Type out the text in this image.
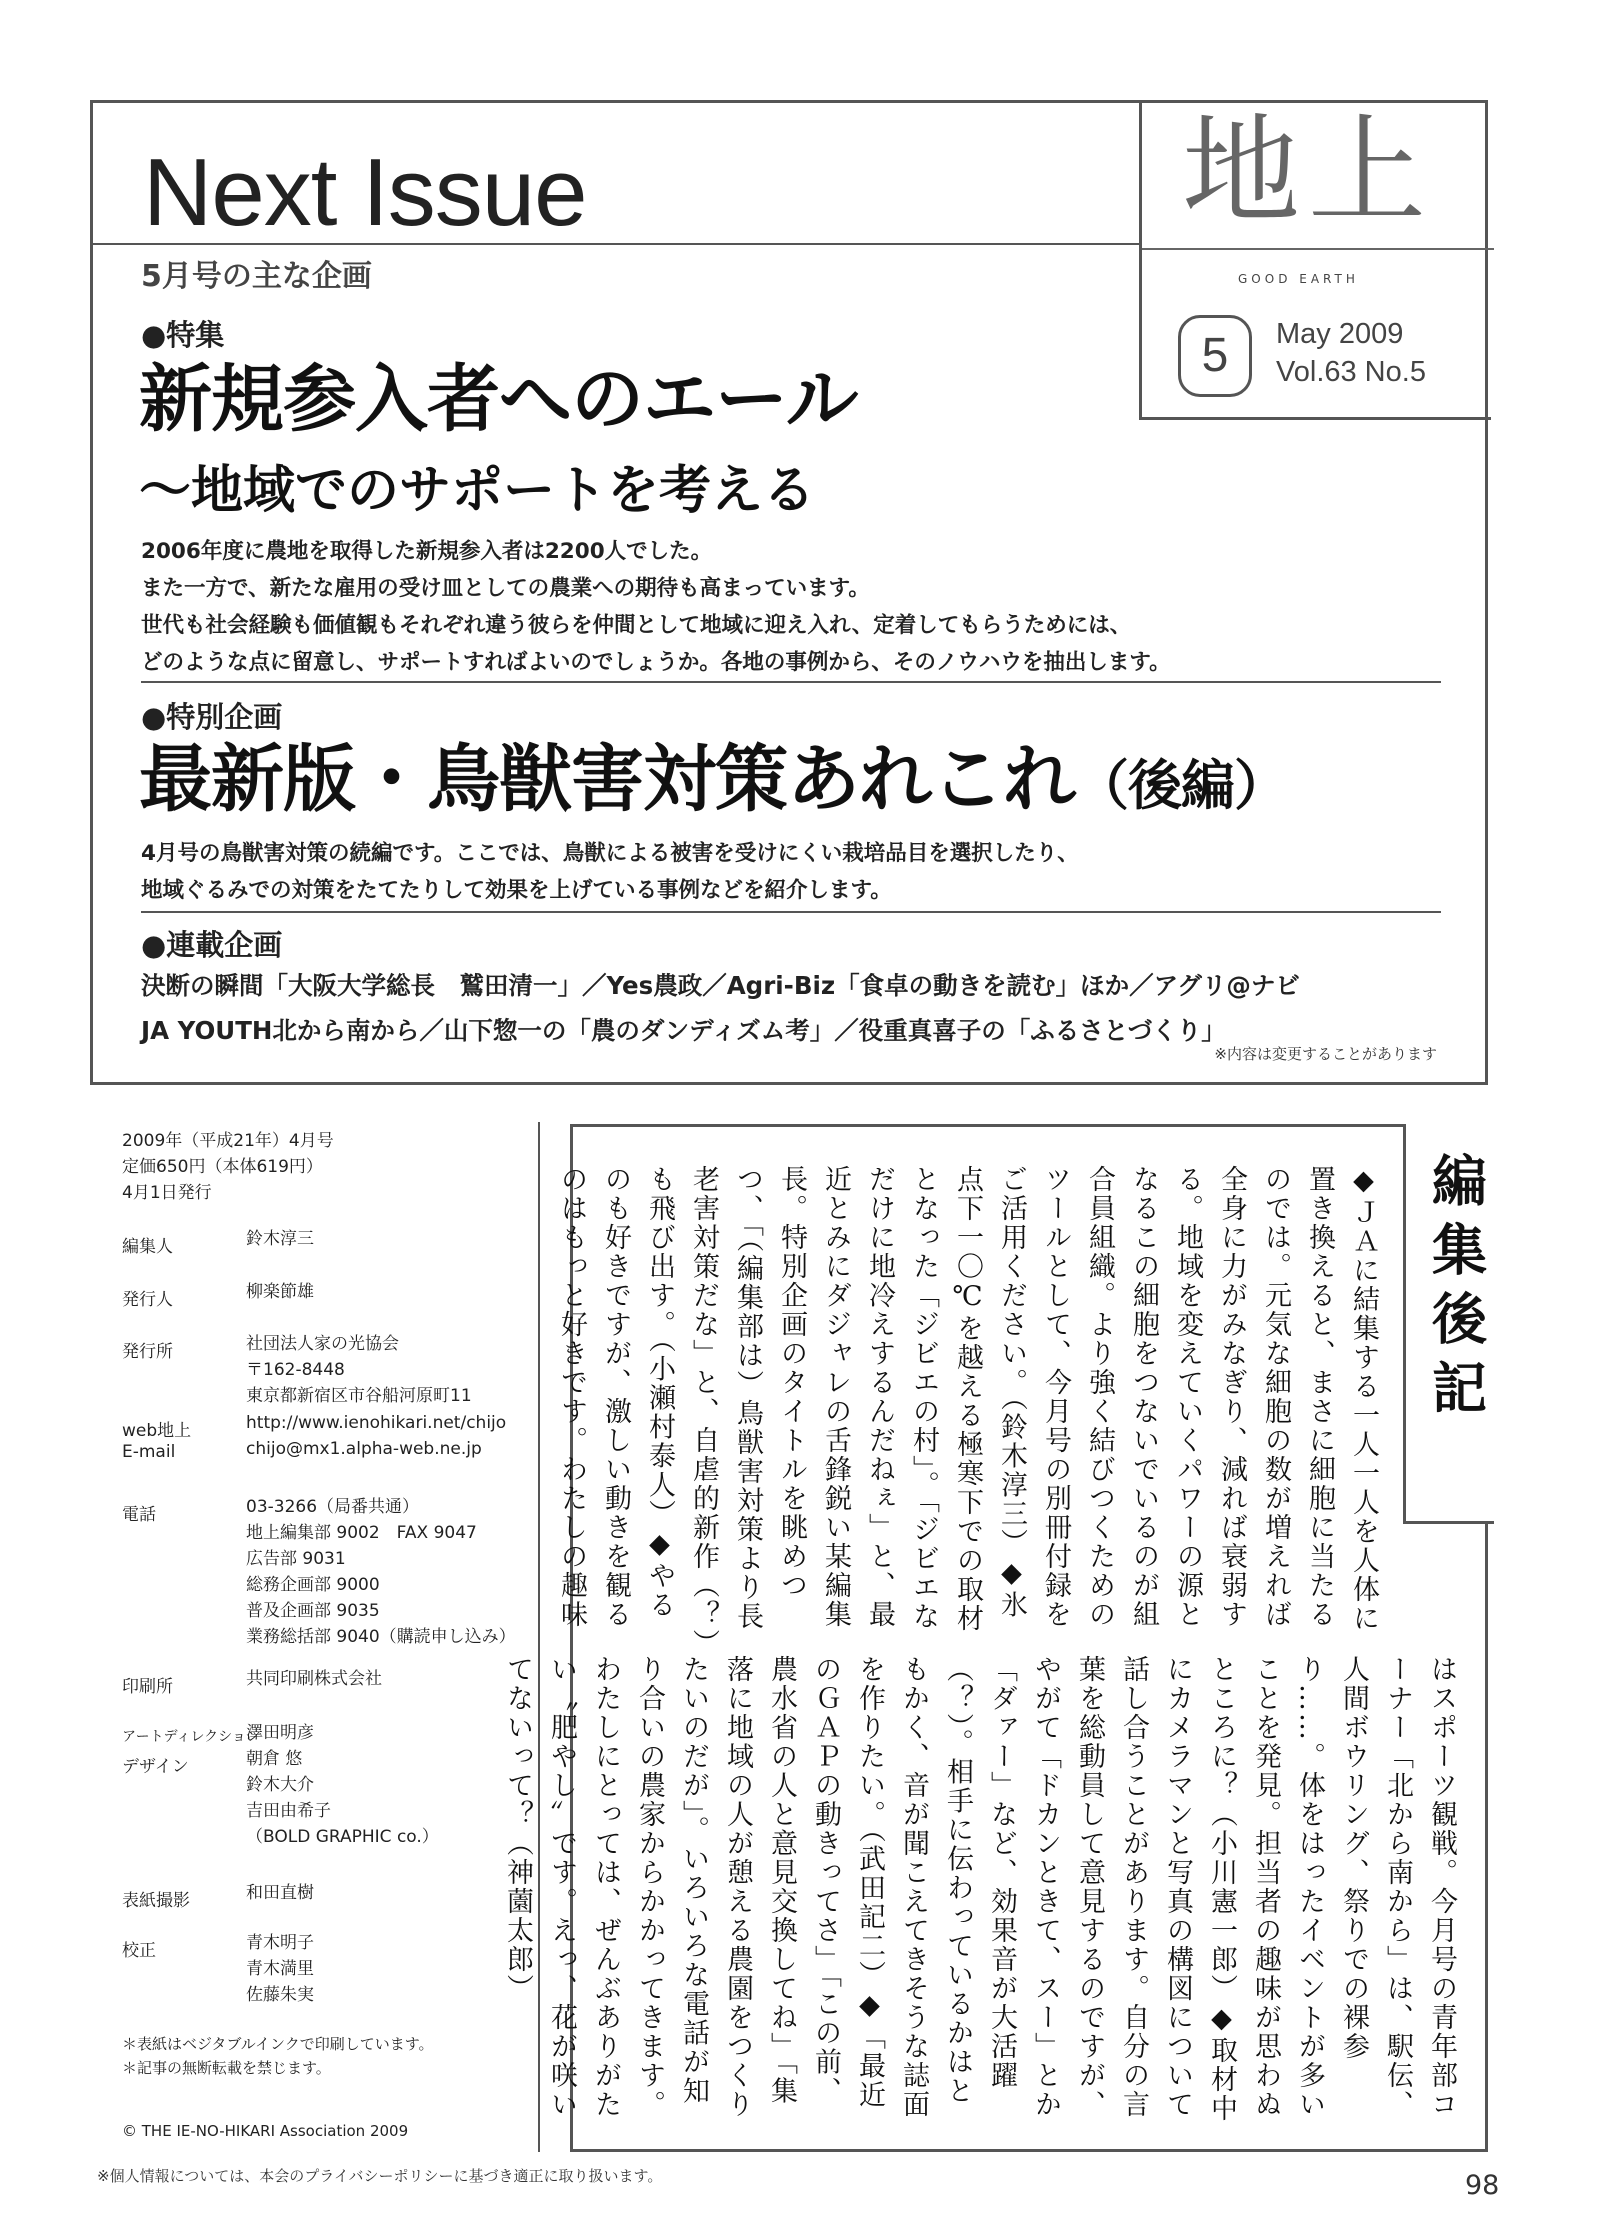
Next Issue
5月号の主な企画
地上
GOOD EARTH
5	May 2009
Vol.63 No.5
●特集
新規参入者へのエール
〜地域でのサポートを考える
2006年度に農地を取得した新規参入者は2200人でした。
また一方で、新たな雇用の受け皿としての農業への期待も高まっています。
世代も社会経験も価値観もそれぞれ違う彼らを仲間として地域に迎え入れ、定着してもらうためには、
どのような点に留意し、サポートすればよいのでしょうか。各地の事例から、そのノウハウを抽出します。
●特別企画
最新版・鳥獣害対策あれこれ（後編）
4月号の鳥獣害対策の続編です。ここでは、鳥獣による被害を受けにくい栽培品目を選択したり、
地域ぐるみでの対策をたてたりして効果を上げている事例などを紹介します。
●連載企画
決断の瞬間「大阪大学総長　鷲田清一」／Yes農政／Agri-Biz「食卓の動きを読む」ほか／アグリ@ナビ
JA YOUTH北から南から／山下惣一の「農のダンディズム考」／役重真喜子の「ふるさとづくり」
※内容は変更することがあります
2009年（平成21年）4月号
定価650円（本体619円）
4月1日発行
編集人	鈴木淳三
発行人	柳楽節雄
発行所	社団法人家の光協会
〒162-8448
東京都新宿区市谷船河原町11
web地上	http://www.ienohikari.net/chijo
E-mail	chijo@mx1.alpha-web.ne.jp
電話	03-3266（局番共通）
地上編集部 9002　FAX 9047
広告部 9031
総務企画部 9000
普及企画部 9035
業務総括部 9040（購読申し込み）
印刷所	共同印刷株式会社
アートディレクション
澤田明彦
デザイン	朝倉 悠
鈴木大介
吉田由希子
（BOLD GRAPHIC co.）
表紙撮影	和田直樹
校正	青木明子
青木満里
佐藤朱実
＊表紙はベジタブルインクで印刷しています。
＊記事の無断転載を禁じます。
© THE IE-NO-HIKARI Association 2009
編集後記

◆ＪＡに結集する一人一人を人体に置き換えると、まさに細胞に当たるのでは。元気な細胞の数が増えれば全身に力がみなぎり、減れば衰弱する。地域を変えていくパワーの源となるこの細胞をつないでいるのが組合員組織。より強く結びつくためのツールとして、今月号の別冊付録をご活用ください。（鈴木淳三）◆氷点下一〇℃を越える極寒下での取材となった「ジビエの村」。「ジビエなだけに地冷えするんだねぇ」と、最近とみにダジャレの舌鋒鋭い某編集長。特別企画のタイトルを眺めつつ、「（編集部は）鳥獣害対策より長老害対策だな」と、自虐的新作（？）も飛び出す。（小瀬村泰人）◆やるのも好きですが、激しい動きを観るのはもっと好きです。わたしの趣味

はスポーツ観戦。今月号の青年部コーナー「北から南から」は、駅伝、人間ボウリング、祭りでの裸参り……。体をはったイベントが多いことを発見。担当者の趣味が思わぬところに？（小川憲一郎）◆取材中にカメラマンと写真の構図について話し合うことがあります。自分の言葉を総動員して意見するのですが、やがて「ドカンときて、スー」とか「ダァー」など、効果音が大活躍（？）。相手に伝わっているかはともかく、音が聞こえてきそうな誌面を作りたい。（武田記二）◆「最近のＧＡＰの動きってさ」「この前、農水省の人と意見交換してね」「集落に地域の人が憩える農園をつくりたいのだが」。いろいろな電話が知り合いの農家からかかってきます。わたしにとっては、ぜんぶありがたい〝肥やし〟です。えっ、花が咲いてないって？（神薗太郎）

※個人情報については、本会のプライバシーポリシーに基づき適正に取り扱います。	98
